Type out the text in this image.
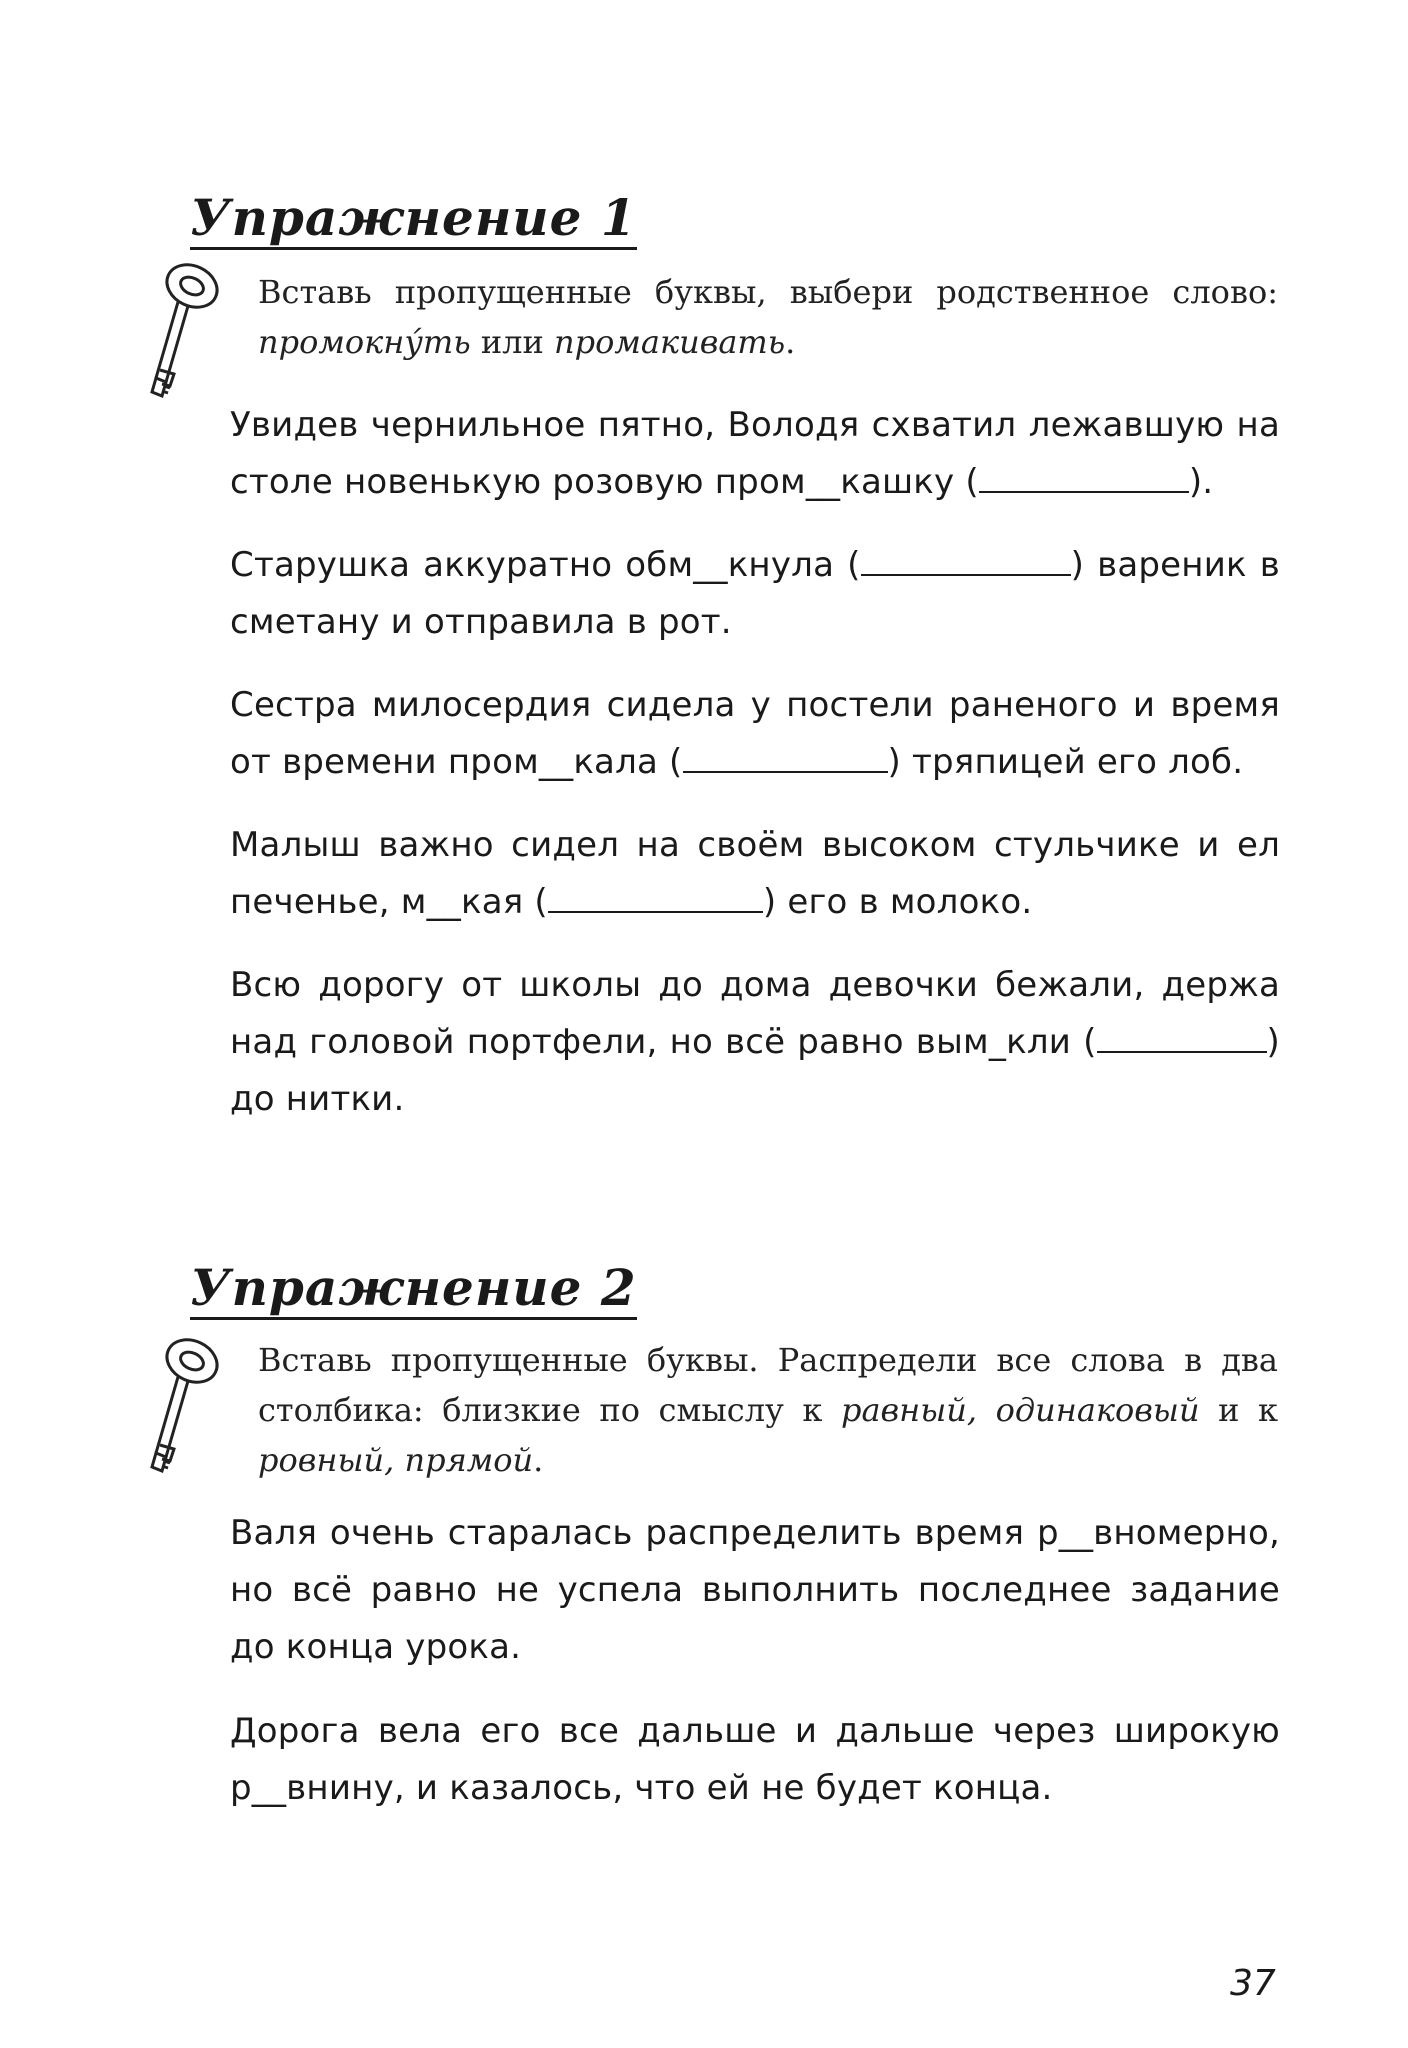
Упражнение 1
Вставь пропущенные буквы, выбери родственное слово: промокну́ть или промакивать.
Увидев чернильное пятно, Володя схватил лежавшую на столе новенькую розовую пром__кашку (	).
Старушка аккуратно обм__кнула (	) вареник в сметану и отправила в рот.
Сестра милосердия сидела у постели раненого и время от времени пром__кала (	) тряпицей его лоб.
Малыш важно сидел на своём высоком стульчике и ел печенье, м__кая (	) его в молоко.
Всю дорогу от школы до дома девочки бежали, держа над головой портфели, но всё равно вым_кли (	) до нитки.
Упражнение 2
Вставь пропущенные буквы. Распредели все слова в два столбика: близкие по смыслу к равный, одинаковый и к ровный, прямой.
Валя очень старалась распределить время р__вномерно, но всё равно не успела выполнить последнее задание до конца урока.
Дорога вела его все дальше и дальше через широкую р__внину, и казалось, что ей не будет конца.
37
